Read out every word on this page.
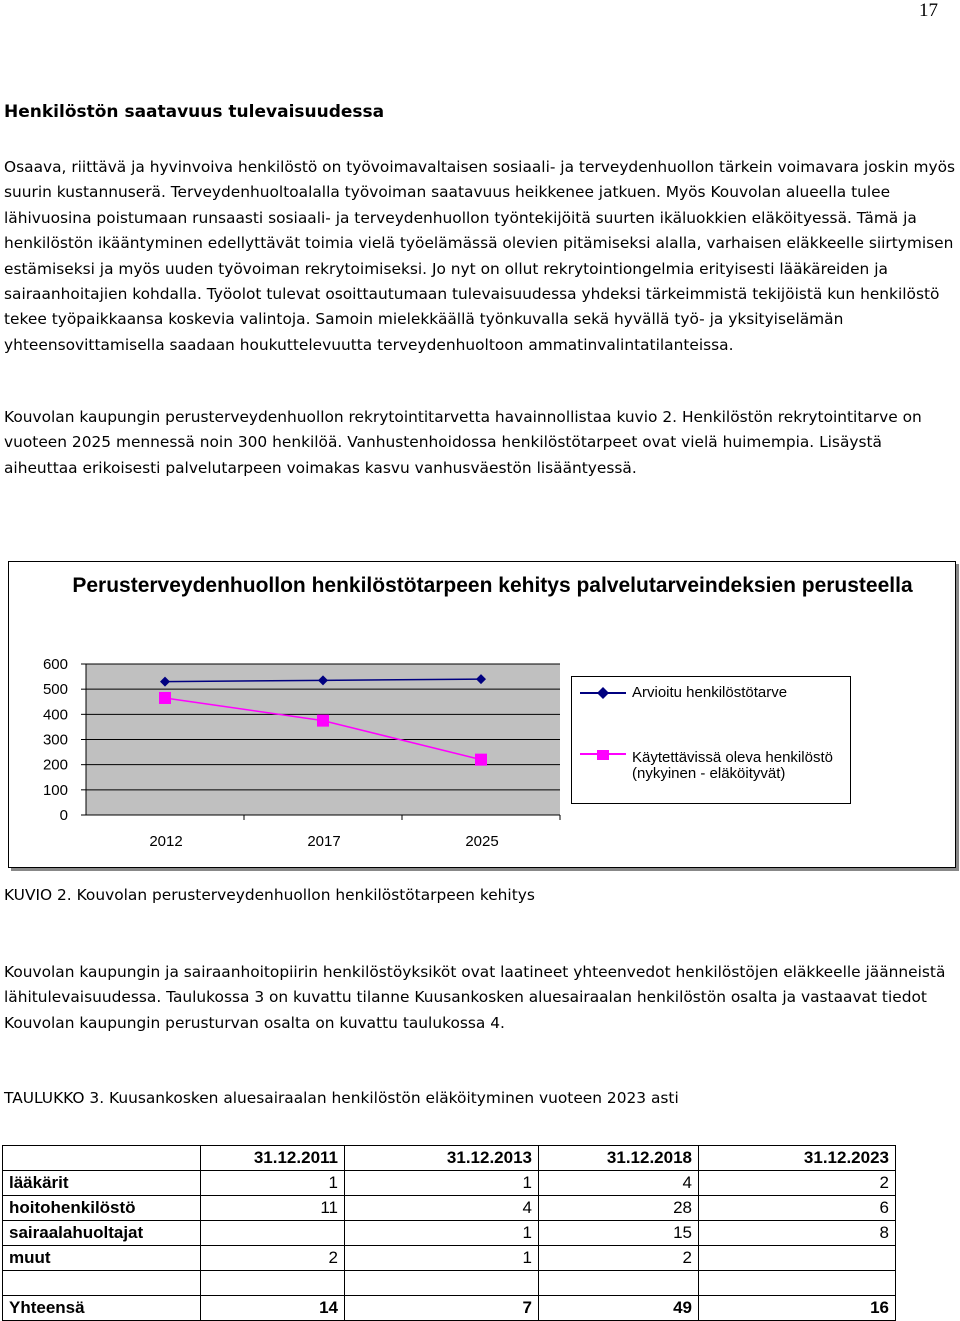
17
Henkilöstön saatavuus tulevaisuudessa

Osaava, riittävä ja hyvinvoiva henkilöstö on työvoimavaltaisen sosiaali- ja terveydenhuollon tärkein voimavara joskin myös suurin kustannuserä. Terveydenhuoltoalalla työvoiman saatavuus heikkenee jatkuen. Myös Kouvolan alueella tulee lähivuosina poistumaan runsaasti sosiaali- ja terveydenhuollon työntekijöitä suurten ikäluokkien eläköityessä. Tämä ja henkilöstön ikääntyminen edellyttävät toimia vielä työelämässä olevien pitämiseksi alalla, varhaisen eläkkeelle siirtymisen estämiseksi ja myös uuden työvoiman rekrytoimiseksi. Jo nyt on ollut rekrytointiongelmia erityisesti lääkäreiden ja sairaanhoitajien kohdalla. Työolot tulevat osoittautumaan tulevaisuudessa yhdeksi tärkeimmistä tekijöistä kun henkilöstö tekee työpaikkaansa koskevia valintoja. Samoin mielekkäällä työnkuvalla sekä hyvällä työ- ja yksityiselämän yhteensovittamisella saadaan houkuttelevuutta terveydenhuoltoon ammatinvalintatilanteissa.

Kouvolan kaupungin perusterveydenhuollon rekrytointitarvetta havainnollistaa kuvio 2. Henkilöstön rekrytointitarve on vuoteen 2025 mennessä noin 300 henkilöä. Vanhustenhoidossa henkilöstötarpeet ovat vielä huimempia. Lisäystä aiheuttaa erikoisesti palvelutarpeen voimakas kasvu vanhusväestön lisääntyessä.

Perusterveydenhuollon henkilöstötarpeen kehitys palvelutarveindeksien perusteella
600
500
400
300
200
100
0
2012	2017	2025
Arvioitu henkilöstötarve
Käytettävissä oleva henkilöstö (nykyinen - eläköityvät)

KUVIO 2. Kouvolan perusterveydenhuollon henkilöstötarpeen kehitys

Kouvolan kaupungin ja sairaanhoitopiirin henkilöstöyksiköt ovat laatineet yhteenvedot henkilöstöjen eläkkeelle jäänneistä lähitulevaisuudessa. Taulukossa 3 on kuvattu tilanne Kuusankosken aluesairaalan henkilöstön osalta ja vastaavat tiedot Kouvolan kaupungin perusturvan osalta on kuvattu taulukossa 4.

TAULUKKO 3. Kuusankosken aluesairaalan henkilöstön eläköityminen vuoteen 2023 asti

	31.12.2011	31.12.2013	31.12.2018	31.12.2023
lääkärit	1	1	4	2
hoitohenkilöstö	11	4	28	6
sairaalahuoltajat		1	15	8
muut	2	1	2	

Yhteensä	14	7	49	16
